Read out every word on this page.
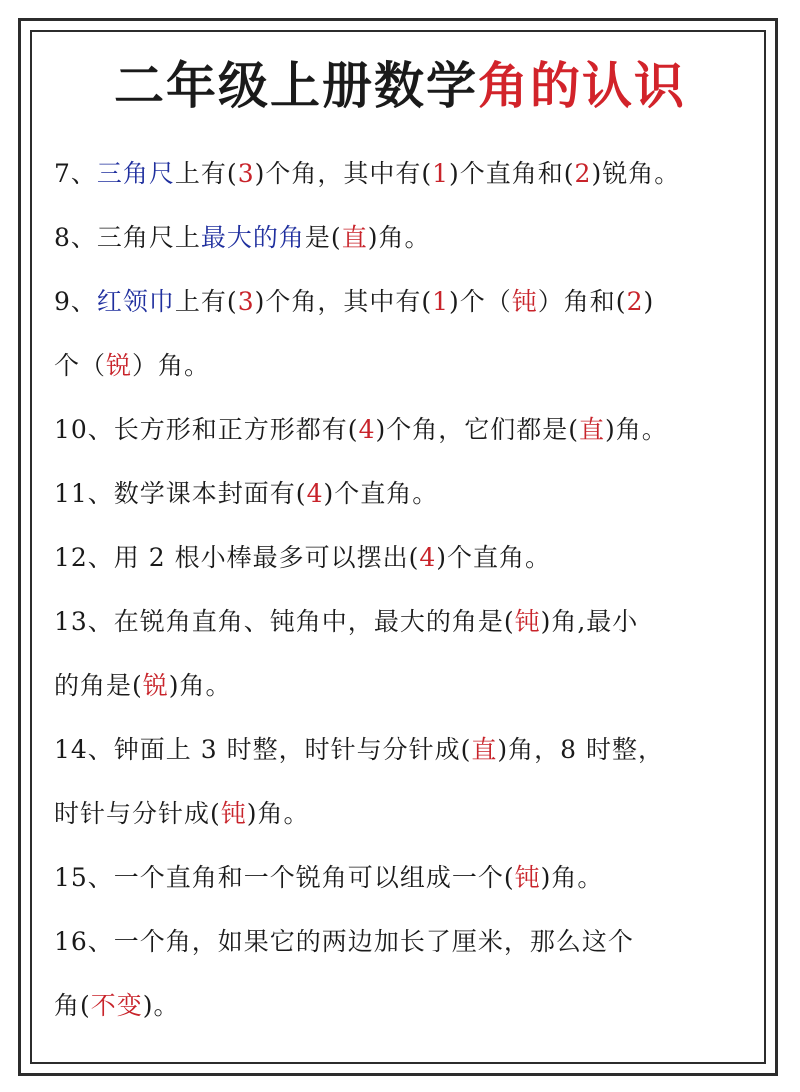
二年级上册数学角的认识
7、三角尺上有(3)个角，其中有(1)个直角和(2)锐角。
8、三角尺上最大的角是(直)角。
9、红领巾上有(3)个角，其中有(1)个（钝）角和(2)
个（锐）角。
10、长方形和正方形都有(4)个角，它们都是(直)角。
11、数学课本封面有(4)个直角。
12、用 2 根小棒最多可以摆出(4)个直角。
13、在锐角直角、钝角中，最大的角是(钝)角,最小
的角是(锐)角。
14、钟面上 3 时整，时针与分针成(直)角，8 时整，
时针与分针成(钝)角。
15、一个直角和一个锐角可以组成一个(钝)角。
16、一个角，如果它的两边加长了厘米，那么这个
角(不变)。
